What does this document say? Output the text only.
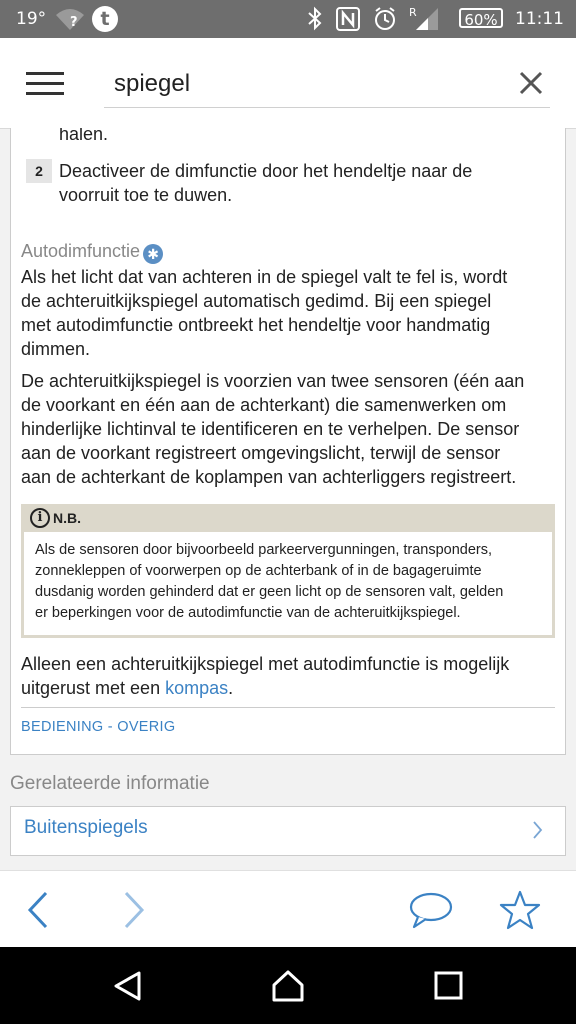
19° ?	t	R	60%	11:11
spiegel
halen.
2 Deactiveer de dimfunctie door het hendeltje naar de
voorruit toe te duwen.
Autodimfunctie ✱
Als het licht dat van achteren in de spiegel valt te fel is, wordt
de achteruitkijkspiegel automatisch gedimd. Bij een spiegel
met autodimfunctie ontbreekt het hendeltje voor handmatig
dimmen.
De achteruitkijkspiegel is voorzien van twee sensoren (één aan
de voorkant en één aan de achterkant) die samenwerken om
hinderlijke lichtinval te identificeren en te verhelpen. De sensor
aan de voorkant registreert omgevingslicht, terwijl de sensor
aan de achterkant de koplampen van achterliggers registreert.
i N.B.
Als de sensoren door bijvoorbeeld parkeervergunningen, transponders,
zonnekleppen of voorwerpen op de achterbank of in de bagageruimte
dusdanig worden gehinderd dat er geen licht op de sensoren valt, gelden
er beperkingen voor de autodimfunctie van de achteruitkijkspiegel.
Alleen een achteruitkijkspiegel met autodimfunctie is mogelijk
uitgerust met een kompas.
BEDIENING - OVERIG
Gerelateerde informatie
Buitenspiegels
